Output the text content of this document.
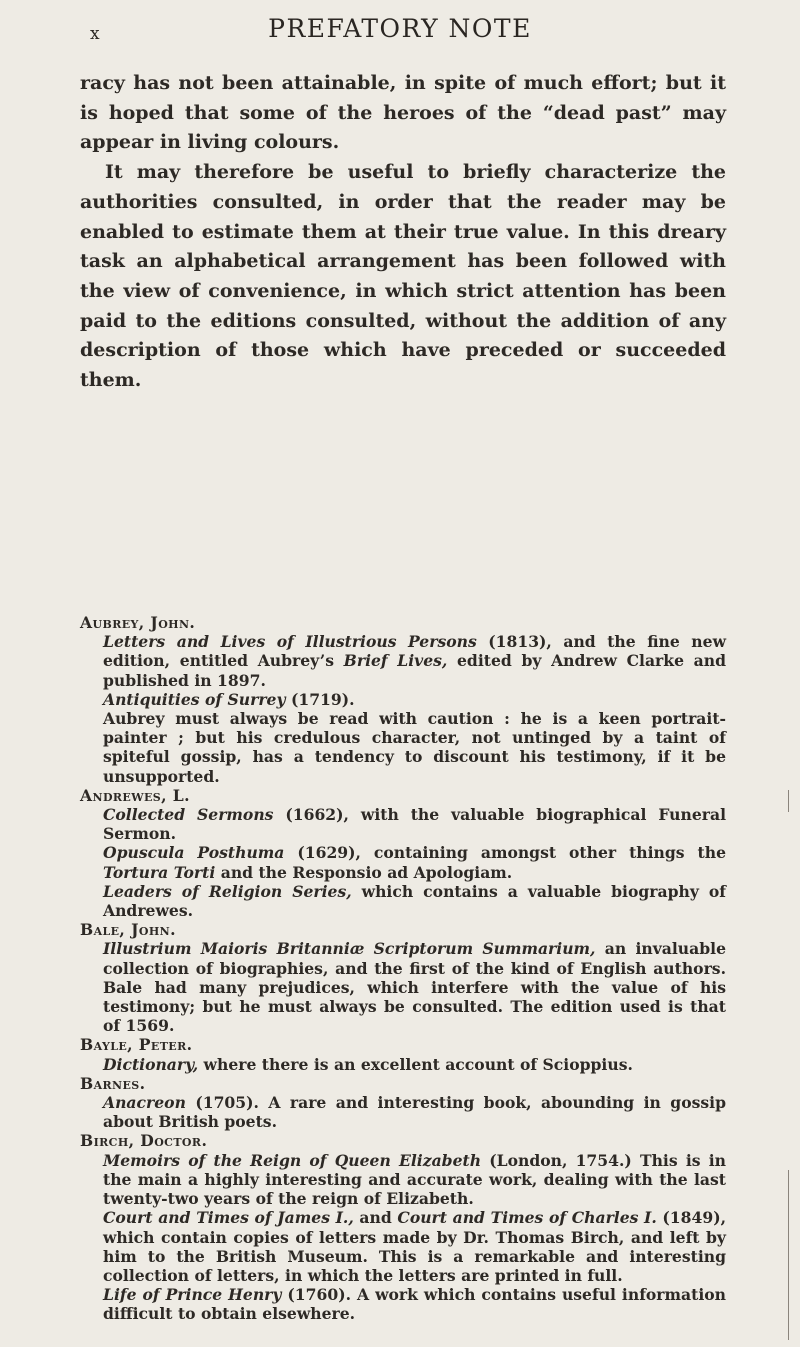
x	PREFATORY NOTE

racy has not been attainable, in spite of much effort; but it is hoped that some of the heroes of the “dead past” may appear in living colours.

It may therefore be useful to briefly characterize the authorities consulted, in order that the reader may be enabled to estimate them at their true value. In this dreary task an alphabetical arrangement has been followed with the view of convenience, in which strict attention has been paid to the editions consulted, without the addition of any description of those which have preceded or succeeded them.

Aubrey, John.
Letters and Lives of Illustrious Persons (1813), and the fine new edition, entitled Aubrey’s Brief Lives, edited by Andrew Clarke and published in 1897.
Antiquities of Surrey (1719).
Aubrey must always be read with caution : he is a keen portrait-painter ; but his credulous character, not untinged by a taint of spiteful gossip, has a tendency to discount his testimony, if it be unsupported.
Andrewes, L.
Collected Sermons (1662), with the valuable biographical Funeral Sermon.
Opuscula Posthuma (1629), containing amongst other things the Tortura Torti and the Responsio ad Apologiam.
Leaders of Religion Series, which contains a valuable biography of Andrewes.
Bale, John.
Illustrium Maioris Britanniæ Scriptorum Summarium, an invaluable collection of biographies, and the first of the kind of English authors. Bale had many prejudices, which interfere with the value of his testimony; but he must always be consulted. The edition used is that of 1569.
Bayle, Peter.
Dictionary, where there is an excellent account of Scioppius.
Barnes.
Anacreon (1705). A rare and interesting book, abounding in gossip about British poets.
Birch, Doctor.
Memoirs of the Reign of Queen Elizabeth (London, 1754.) This is in the main a highly interesting and accurate work, dealing with the last twenty-two years of the reign of Elizabeth.
Court and Times of James I., and Court and Times of Charles I. (1849), which contain copies of letters made by Dr. Thomas Birch, and left by him to the British Museum. This is a remarkable and interesting collection of letters, in which the letters are printed in full.
Life of Prince Henry (1760). A work which contains useful information difficult to obtain elsewhere.
